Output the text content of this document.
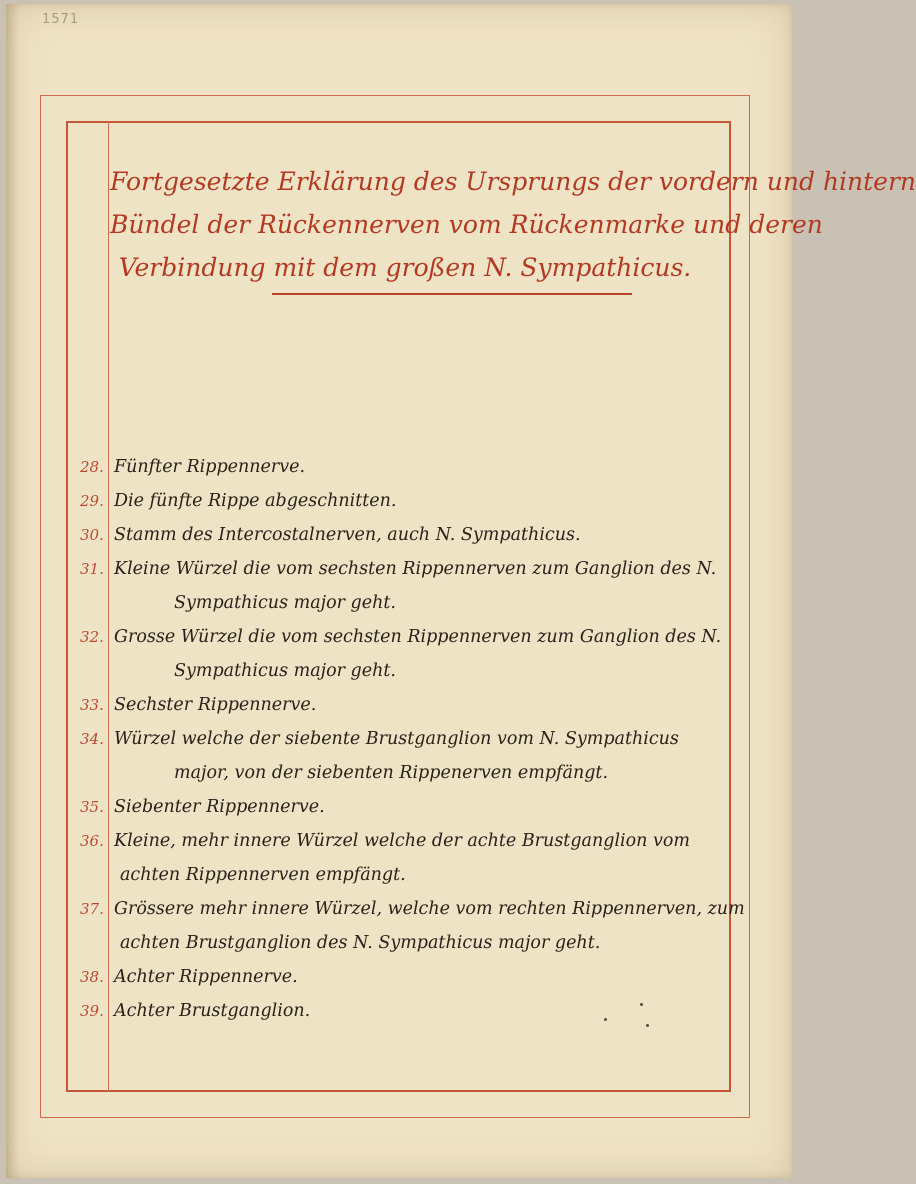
1571
Fortgesetzte Erklärung des Ursprungs der vordern und hintern
Bündel der Rückennerven vom Rückenmarke und deren
Verbindung mit dem großen N. Sympathicus.
28. Fünfter Rippennerve.
29. Die fünfte Rippe abgeschnitten.
30. Stamm des Intercostalnerven, auch N. Sympathicus.
31. Kleine Würzel die vom sechsten Rippennerven zum Ganglion des N.
Sympathicus major geht.
32. Grosse Würzel die vom sechsten Rippennerven zum Ganglion des N.
Sympathicus major geht.
33. Sechster Rippennerve.
34. Würzel welche der siebente Brustganglion vom N. Sympathicus
major, von der siebenten Rippenerven empfängt.
35. Siebenter Rippennerve.
36. Kleine, mehr innere Würzel welche der achte Brustganglion vom
achten Rippennerven empfängt.
37. Grössere mehr innere Würzel, welche vom rechten Rippennerven, zum
achten Brustganglion des N. Sympathicus major geht.
38. Achter Rippennerve.
39. Achter Brustganglion.
